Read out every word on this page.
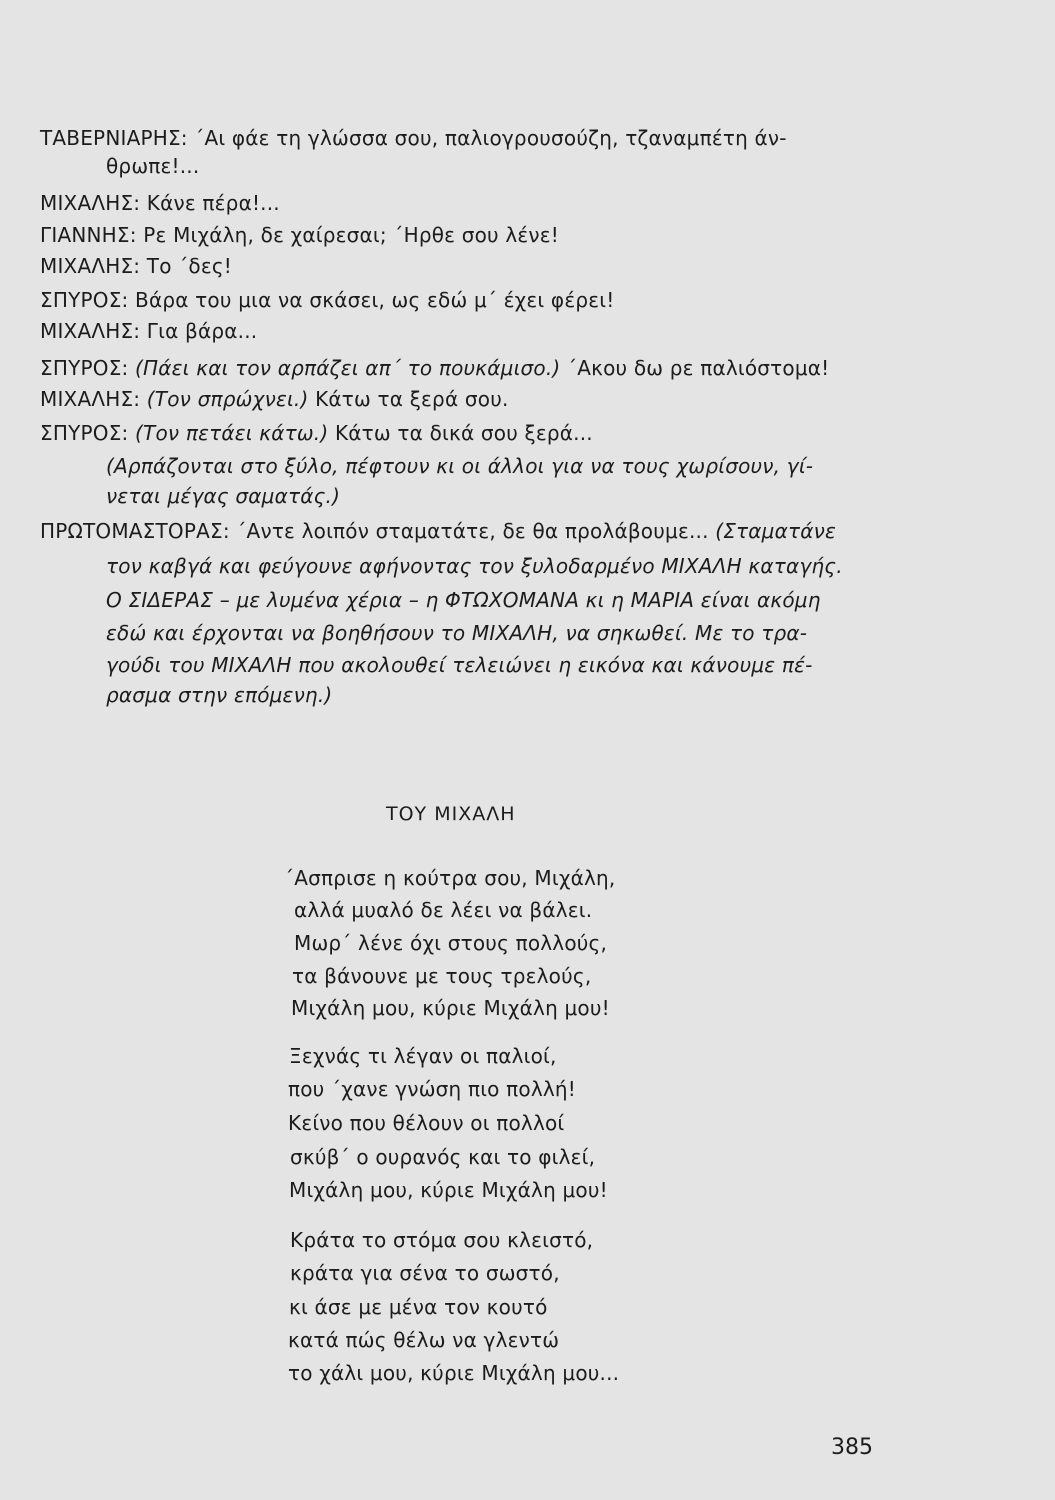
ΤΑΒΕΡΝΙΑΡΗΣ: ΄Αι φάε τη γλώσσα σου, παλιογρουσούζη, τζαναμπέτη άν-
θρωπε!...
ΜΙΧΑΛΗΣ: Κάνε πέρα!...
ΓΙΑΝΝΗΣ: Ρε Μιχάλη, δε χαίρεσαι; ΄Ηρθε σου λένε!
ΜΙΧΑΛΗΣ: Το ΄δες!
ΣΠΥΡΟΣ: Βάρα του μια να σκάσει, ως εδώ μ΄ έχει φέρει!
ΜΙΧΑΛΗΣ: Για βάρα...
ΣΠΥΡΟΣ: (Πάει και τον αρπάζει απ΄ το πουκάμισο.) ΄Ακου δω ρε παλιόστομα!
ΜΙΧΑΛΗΣ: (Τον σπρώχνει.) Κάτω τα ξερά σου.
ΣΠΥΡΟΣ: (Τον πετάει κάτω.) Κάτω τα δικά σου ξερά...
(Αρπάζονται στο ξύλο, πέφτουν κι οι άλλοι για να τους χωρίσουν, γί-
νεται μέγας σαματάς.)
ΠΡΩΤΟΜΑΣΤΟΡΑΣ: ΄Αντε λοιπόν σταματάτε, δε θα προλάβουμε... (Σταματάνε
τον καβγά και φεύγουνε αφήνοντας τον ξυλοδαρμένο ΜΙΧΑΛΗ καταγής.
Ο ΣΙΔΕΡΑΣ – με λυμένα χέρια – η ΦΤΩΧΟΜΑΝΑ κι η ΜΑΡΙΑ είναι ακόμη
εδώ και έρχονται να βοηθήσουν το ΜΙΧΑΛΗ, να σηκωθεί. Με το τρα-
γούδι του ΜΙΧΑΛΗ που ακολουθεί τελειώνει η εικόνα και κάνουμε πέ-
ρασμα στην επόμενη.)
ΤΟΥ ΜΙΧΑΛΗ
΄Ασπρισε η κούτρα σου, Μιχάλη,
αλλά μυαλό δε λέει να βάλει.
Μωρ΄ λένε όχι στους πολλούς,
τα βάνουνε με τους τρελούς,
Μιχάλη μου, κύριε Μιχάλη μου!
Ξεχνάς τι λέγαν οι παλιοί,
που ΄χανε γνώση πιο πολλή!
Κείνο που θέλουν οι πολλοί
σκύβ΄ ο ουρανός και το φιλεί,
Μιχάλη μου, κύριε Μιχάλη μου!
Κράτα το στόμα σου κλειστό,
κράτα για σένα το σωστό,
κι άσε με μένα τον κουτό
κατά πώς θέλω να γλεντώ
το χάλι μου, κύριε Μιχάλη μου...
385
